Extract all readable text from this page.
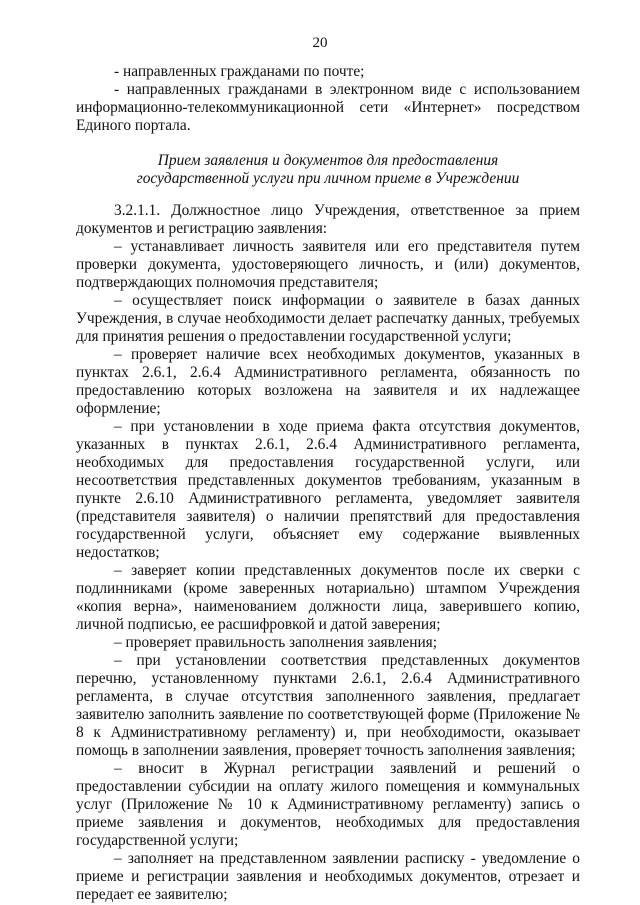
20

- направленных гражданами по почте;

- направленных гражданами в электронном виде с использованием информационно-телекоммуникационной сети «Интернет» посредством Единого портала.

Прием заявления и документов для предоставления
государственной услуги при личном приеме в Учреждении

3.2.1.1. Должностное лицо Учреждения, ответственное за прием документов и регистрацию заявления:

– устанавливает личность заявителя или его представителя путем проверки документа, удостоверяющего личность, и (или) документов, подтверждающих полномочия представителя;

– осуществляет поиск информации о заявителе в базах данных Учреждения, в случае необходимости делает распечатку данных, требуемых для принятия решения о предоставлении государственной услуги;

– проверяет наличие всех необходимых документов, указанных в пунктах 2.6.1, 2.6.4 Административного регламента, обязанность по предоставлению которых возложена на заявителя и их надлежащее оформление;

– при установлении в ходе приема факта отсутствия документов, указанных в пунктах 2.6.1, 2.6.4 Административного регламента, необходимых для предоставления государственной услуги, или несоответствия представленных документов требованиям, указанным в пункте 2.6.10 Административного регламента, уведомляет заявителя (представителя заявителя) о наличии препятствий для предоставления государственной услуги, объясняет ему содержание выявленных недостатков;

– заверяет копии представленных документов после их сверки с подлинниками (кроме заверенных нотариально) штампом Учреждения «копия верна», наименованием должности лица, заверившего копию, личной подписью, ее расшифровкой и датой заверения;

– проверяет правильность заполнения заявления;

– при установлении соответствия представленных документов перечню, установленному пунктами 2.6.1, 2.6.4 Административного регламента, в случае отсутствия заполненного заявления, предлагает заявителю заполнить заявление по соответствующей форме (Приложение № 8 к Административному регламенту) и, при необходимости, оказывает помощь в заполнении заявления, проверяет точность заполнения заявления;

– вносит в Журнал регистрации заявлений и решений о предоставлении субсидии на оплату жилого помещения и коммунальных услуг (Приложение № 10 к Административному регламенту) запись о приеме заявления и документов, необходимых для предоставления государственной услуги;

– заполняет на представленном заявлении расписку - уведомление о приеме и регистрации заявления и необходимых документов, отрезает и передает ее заявителю;
